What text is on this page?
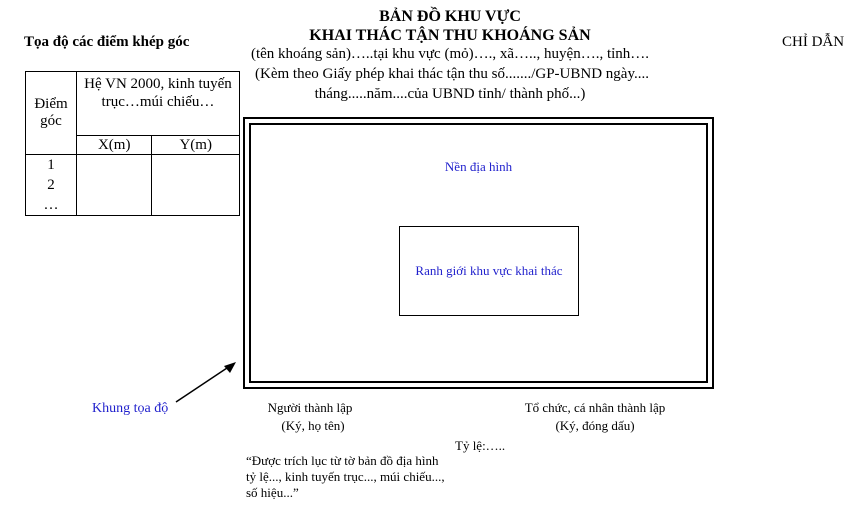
BẢN ĐỒ KHU VỰC
KHAI THÁC TẬN THU KHOÁNG SẢN
(tên khoáng sản)…..tại khu vực (mỏ)…., xã….., huyện…., tỉnh….
(Kèm theo Giấy phép khai thác tận thu số......./GP-UBND ngày....
tháng.....năm....của UBND tỉnh/ thành phố...)
CHỈ DẪN
Tọa độ các điểm khép góc
Điểm góc	Hệ VN 2000, kinh tuyến trục…múi chiếu…	
	X(m)	Y(m)

1
2
…		

Nền địa hình
Ranh giới khu vực khai thác
Khung tọa độ	Người thành lập
(Ký, họ tên)
Tổ chức, cá nhân thành lập
(Ký, đóng dấu)
Tỷ lệ:…..
“Được trích lục từ tờ bản đồ địa hình tỷ lệ..., kinh tuyến trục..., múi chiếu..., số hiệu...”
